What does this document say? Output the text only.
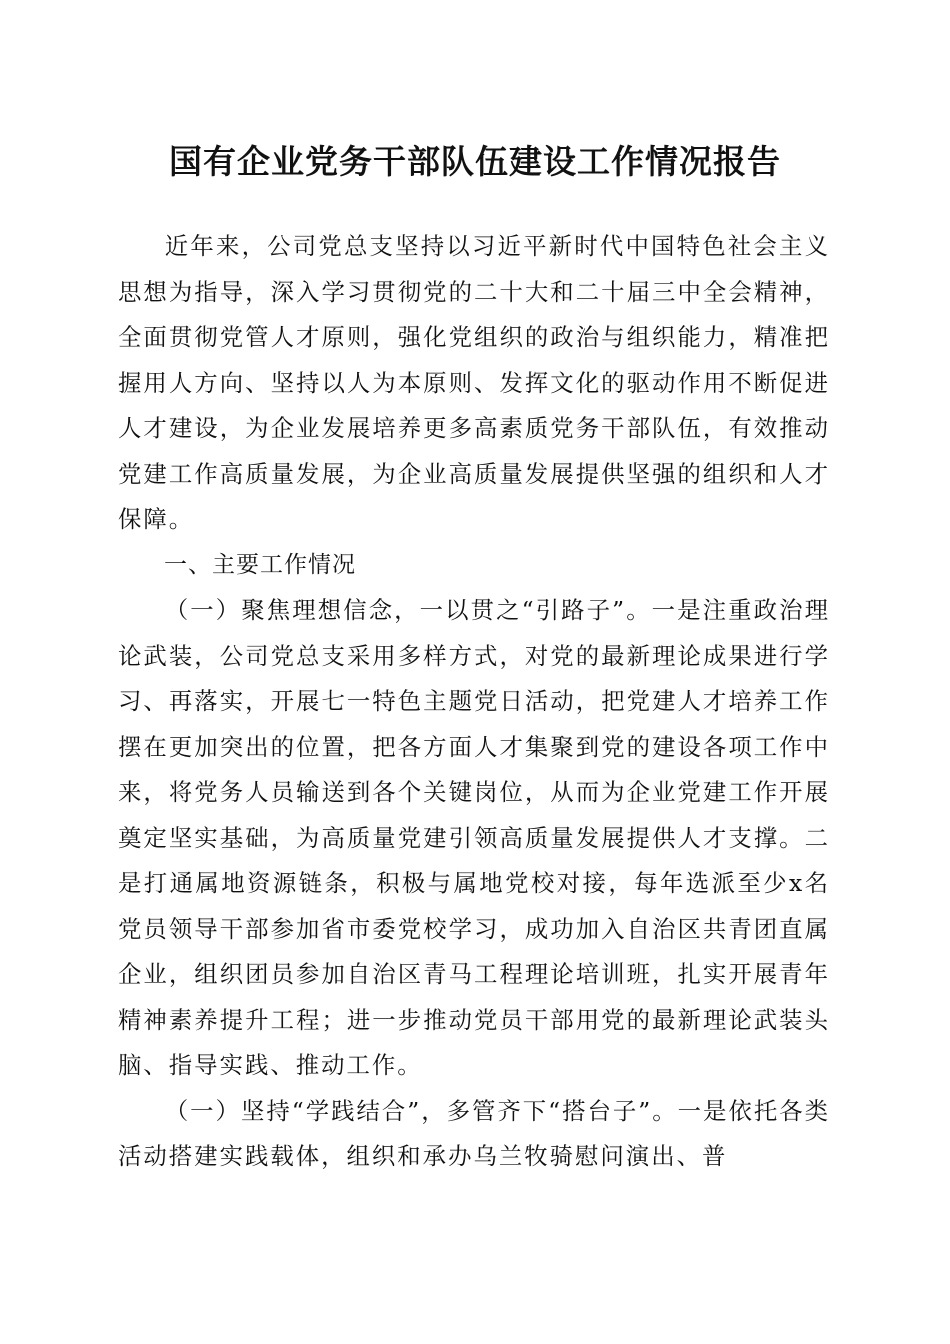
国有企业党务干部队伍建设工作情况报告

近年来，公司党总支坚持以习近平新时代中国特色社会主义思想为指导，深入学习贯彻党的二十大和二十届三中全会精神，全面贯彻党管人才原则，强化党组织的政治与组织能力，精准把握用人方向、坚持以人为本原则、发挥文化的驱动作用不断促进人才建设，为企业发展培养更多高素质党务干部队伍，有效推动党建工作高质量发展，为企业高质量发展提供坚强的组织和人才保障。

一、主要工作情况

（一）聚焦理想信念，一以贯之“引路子”。一是注重政治理论武装，公司党总支采用多样方式，对党的最新理论成果进行学习、再落实，开展七一特色主题党日活动，把党建人才培养工作摆在更加突出的位置，把各方面人才集聚到党的建设各项工作中来，将党务人员输送到各个关键岗位，从而为企业党建工作开展奠定坚实基础，为高质量党建引领高质量发展提供人才支撑。二是打通属地资源链条，积极与属地党校对接，每年选派至少x名党员领导干部参加省市委党校学习，成功加入自治区共青团直属企业，组织团员参加自治区青马工程理论培训班，扎实开展青年精神素养提升工程；进一步推动党员干部用党的最新理论武装头脑、指导实践、推动工作。

（一）坚持“学践结合”，多管齐下“搭台子”。一是依托各类活动搭建实践载体，组织和承办乌兰牧骑慰问演出、普
